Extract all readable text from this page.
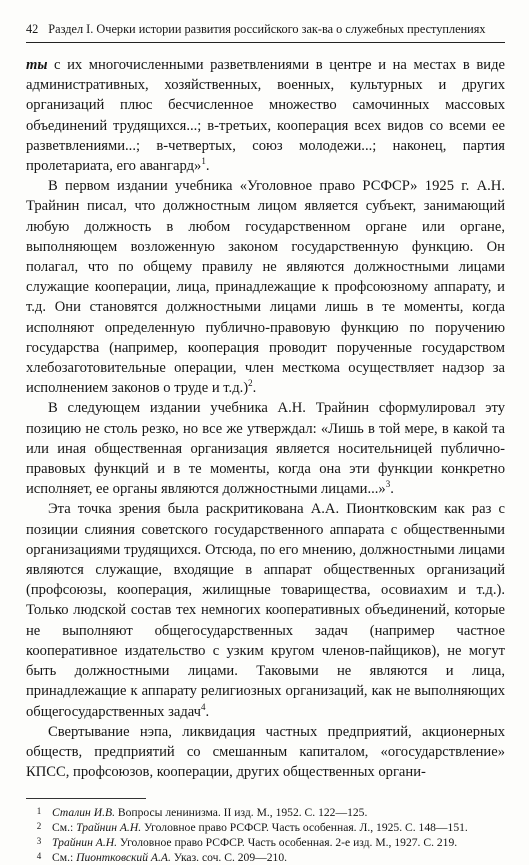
42 Раздел I. Очерки истории развития российского зак-ва о служебных преступлениях

ты с их многочисленными разветвлениями в центре и на местах в виде административных, хозяйственных, военных, культурных и других организаций плюс бесчисленное множество самочинных массовых объединений трудящихся...; в-третьих, кооперация всех видов со всеми ее разветвлениями...; в-четвертых, союз молодежи...; наконец, партия пролетариата, его авангард»$^1$.

В первом издании учебника «Уголовное право РСФСР» 1925 г. А.Н. Трайнин писал, что должностным лицом является субъект, занимающий любую должность в любом государственном органе или органе, выполняющем возложенную законом государственную функцию. Он полагал, что по общему правилу не являются должностными лицами служащие кооперации, лица, принадлежащие к профсоюзному аппарату, и т.д. Они становятся должностными лицами лишь в те моменты, когда исполняют определенную публично-правовую функцию по поручению государства (например, кооперация проводит порученные государством хлебозаготовительные операции, член месткома осуществляет надзор за исполнением законов о труде и т.д.)$^2$.

В следующем издании учебника А.Н. Трайнин сформулировал эту позицию не столь резко, но все же утверждал: «Лишь в той мере, в какой та или иная общественная организация является носительницей публично-правовых функций и в те моменты, когда она эти функции конкретно исполняет, ее органы являются должностными лицами...»$^3$.

Эта точка зрения была раскритикована А.А. Пионтковским как раз с позиции слияния советского государственного аппарата с общественными организациями трудящихся. Отсюда, по его мнению, должностными лицами являются служащие, входящие в аппарат общественных организаций (профсоюзы, кооперация, жилищные товарищества, осовиахим и т.д.). Только людской состав тех немногих кооперативных объединений, которые не выполняют общегосударственных задач (например частное кооперативное издательство с узким кругом членов-пайщиков), не могут быть должностными лицами. Таковыми не являются и лица, принадлежащие к аппарату религиозных организаций, как не выполняющих общегосударственных задач$^4$.

Свертывание нэпа, ликвидация частных предприятий, акционерных обществ, предприятий со смешанным капиталом, «огосударствление» КПСС, профсоюзов, кооперации, других общественных органи-

1 Сталин И.В. Вопросы ленинизма. II изд. М., 1952. С. 122—125.
2 См.: Трайнин А.Н. Уголовное право РСФСР. Часть особенная. Л., 1925. С. 148—151.
3 Трайнин А.Н. Уголовное право РСФСР. Часть особенная. 2-е изд. М., 1927. С. 219.
4 См.: Пионтковский А.А. Указ. соч. С. 209—210.
